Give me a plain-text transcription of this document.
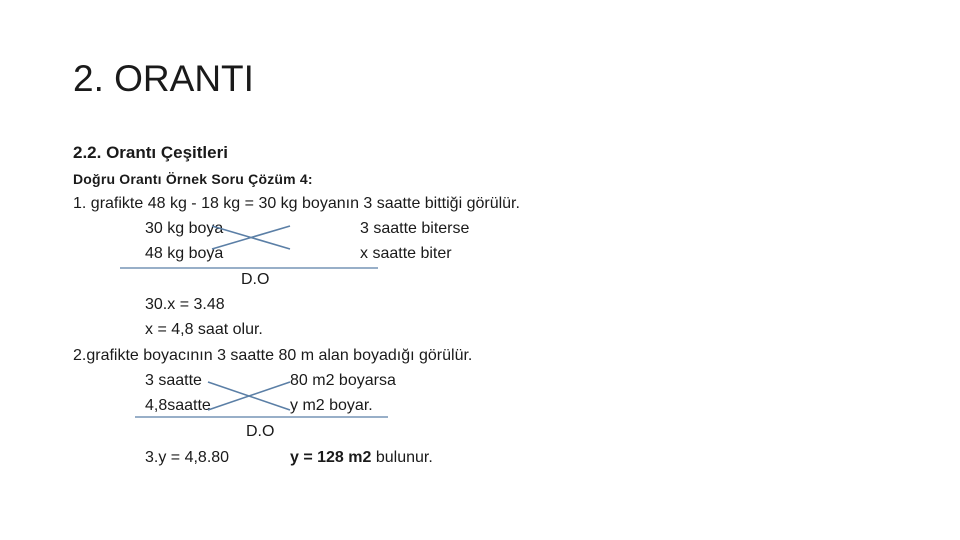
2. ORANTI
2.2. Orantı Çeşitleri
Doğru Orantı Örnek Soru Çözüm 4:
1. grafikte 48 kg - 18 kg = 30 kg boyanın 3 saatte bittiği görülür.
30 kg boya	3 saatte biterse
48 kg boya	x saatte biter
D.O
30.x = 3.48
x = 4,8 saat olur.
2.grafikte boyacının 3 saatte 80 m alan boyadığı görülür.
3 saatte	80 m2 boyarsa
4,8saatte	y m2 boyar.
D.O
3.y = 4,8.80	y = 128 m2 bulunur.
